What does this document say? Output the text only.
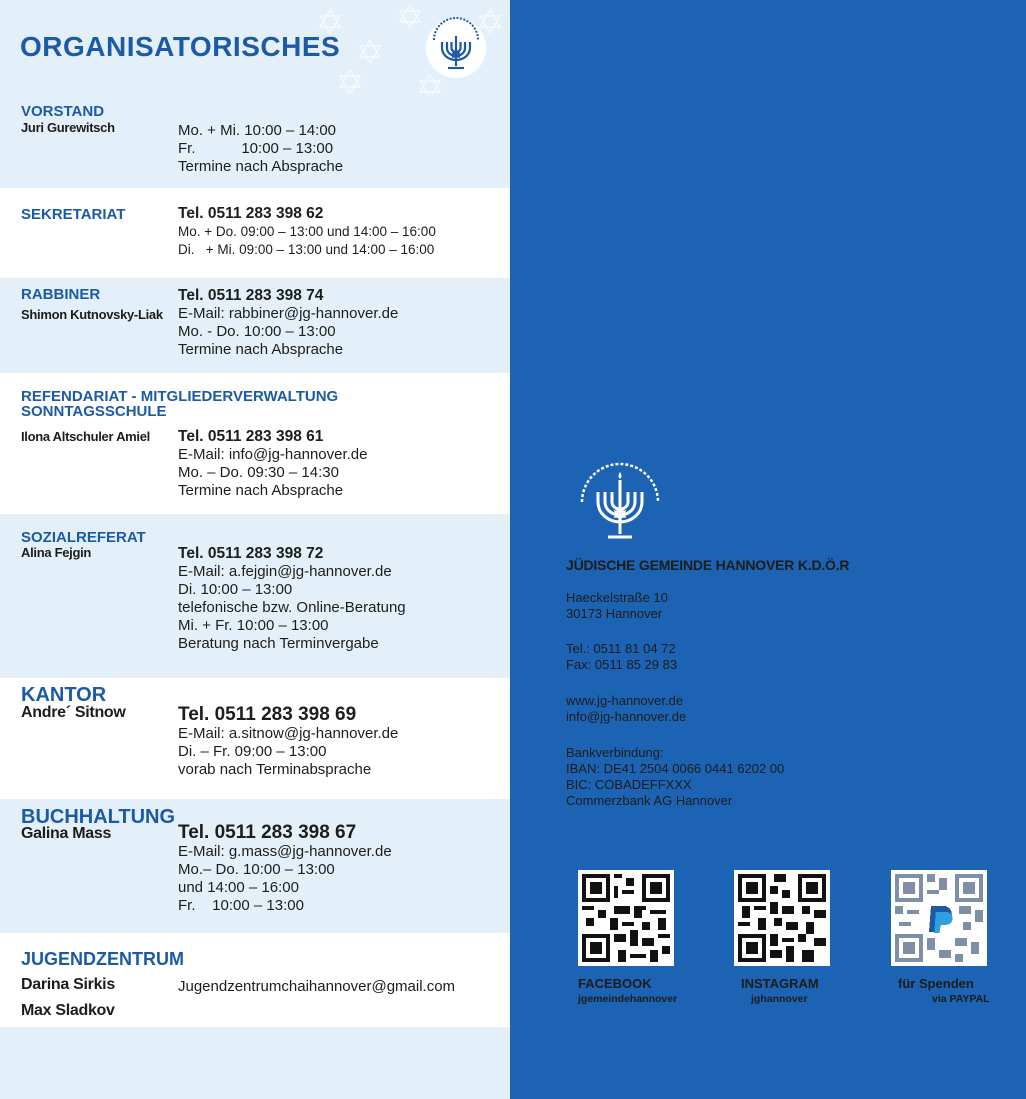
ORGANISATORISCHES
VORSTAND
Juri Gurewitsch	Mo. + Mi. 10:00 – 14:00
Fr.           10:00 – 13:00
Termine nach Absprache
SEKRETARIAT	Tel. 0511 283 398 62
Mo. + Do. 09:00 – 13:00 und 14:00 – 16:00
Di.   + Mi. 09:00 – 13:00 und 14:00 – 16:00
RABBINER
Shimon Kutnovsky-Liak
Tel. 0511 283 398 74
E-Mail: rabbiner@jg-hannover.de
Mo. - Do. 10:00 – 13:00
Termine nach Absprache
REFENDARIAT - MITGLIEDERVERWALTUNG
SONNTAGSSCHULE
Ilona Altschuler Amiel Tel. 0511 283 398 61
E-Mail: info@jg-hannover.de
Mo. – Do. 09:30 – 14:30
Termine nach Absprache
SOZIALREFERAT
Alina Fejgin	Tel. 0511 283 398 72
E-Mail: a.fejgin@jg-hannover.de
Di. 10:00 – 13:00
telefonische bzw. Online-Beratung
Mi. + Fr. 10:00 – 13:00
Beratung nach Terminvergabe
KANTOR
Andre´ Sitnow	Tel. 0511 283 398 69
E-Mail: a.sitnow@jg-hannover.de
Di. – Fr. 09:00 – 13:00
vorab nach Terminabsprache
BUCHHALTUNG
Galina Mass	Tel. 0511 283 398 67
E-Mail: g.mass@jg-hannover.de
Mo.– Do. 10:00 – 13:00
und 14:00 – 16:00
Fr.    10:00 – 13:00
JUGENDZENTRUM
Darina Sirkis
Max Sladkov
Jugendzentrumchaihannover@gmail.com
JÜDISCHE GEMEINDE HANNOVER K.D.Ö.R
Haeckelstraße 10
30173 Hannover
Tel.: 0511 81 04 72
Fax: 0511 85 29 83
www.jg-hannover.de
info@jg-hannover.de
Bankverbindung:
IBAN: DE41 2504 0066 0441 6202 00
BIC: COBADEFFXXX
Commerzbank AG Hannover
FACEBOOK
jgemeindehannover
INSTAGRAM
jghannover
für Spenden
via PAYPAL
